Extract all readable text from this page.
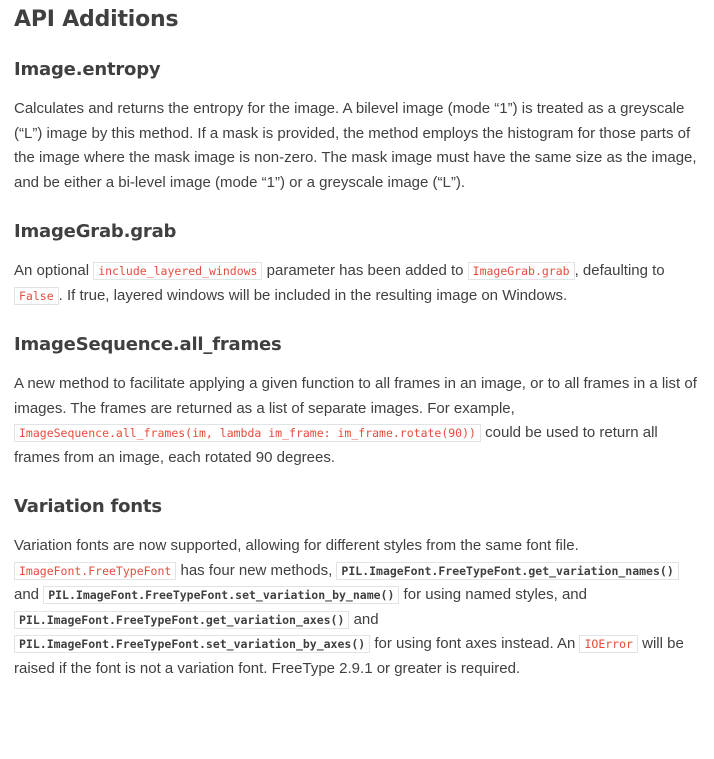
API Additions
Image.entropy

Calculates and returns the entropy for the image. A bilevel image (mode “1”) is treated as a greyscale (“L”) image by this method. If a mask is provided, the method employs the histogram for those parts of the image where the mask image is non-zero. The mask image must have the same size as the image, and be either a bi-level image (mode “1”) or a greyscale image (“L”).

ImageGrab.grab

An optional include_layered_windows parameter has been added to ImageGrab.grab , defaulting to False . If true, layered windows will be included in the resulting image on Windows.

ImageSequence.all_frames

A new method to facilitate applying a given function to all frames in an image, or to all frames in a list of images. The frames are returned as a list of separate images. For example, ImageSequence.all_frames(im, lambda im_frame: im_frame.rotate(90)) could be used to return all frames from an image, each rotated 90 degrees.

Variation fonts

Variation fonts are now supported, allowing for different styles from the same font file. ImageFont.FreeTypeFont has four new methods, PIL.ImageFont.FreeTypeFont.get_variation_names() and PIL.ImageFont.FreeTypeFont.set_variation_by_name() for using named styles, and PIL.ImageFont.FreeTypeFont.get_variation_axes() and PIL.ImageFont.FreeTypeFont.set_variation_by_axes() for using font axes instead. An IOError will be raised if the font is not a variation font. FreeType 2.9.1 or greater is required.
